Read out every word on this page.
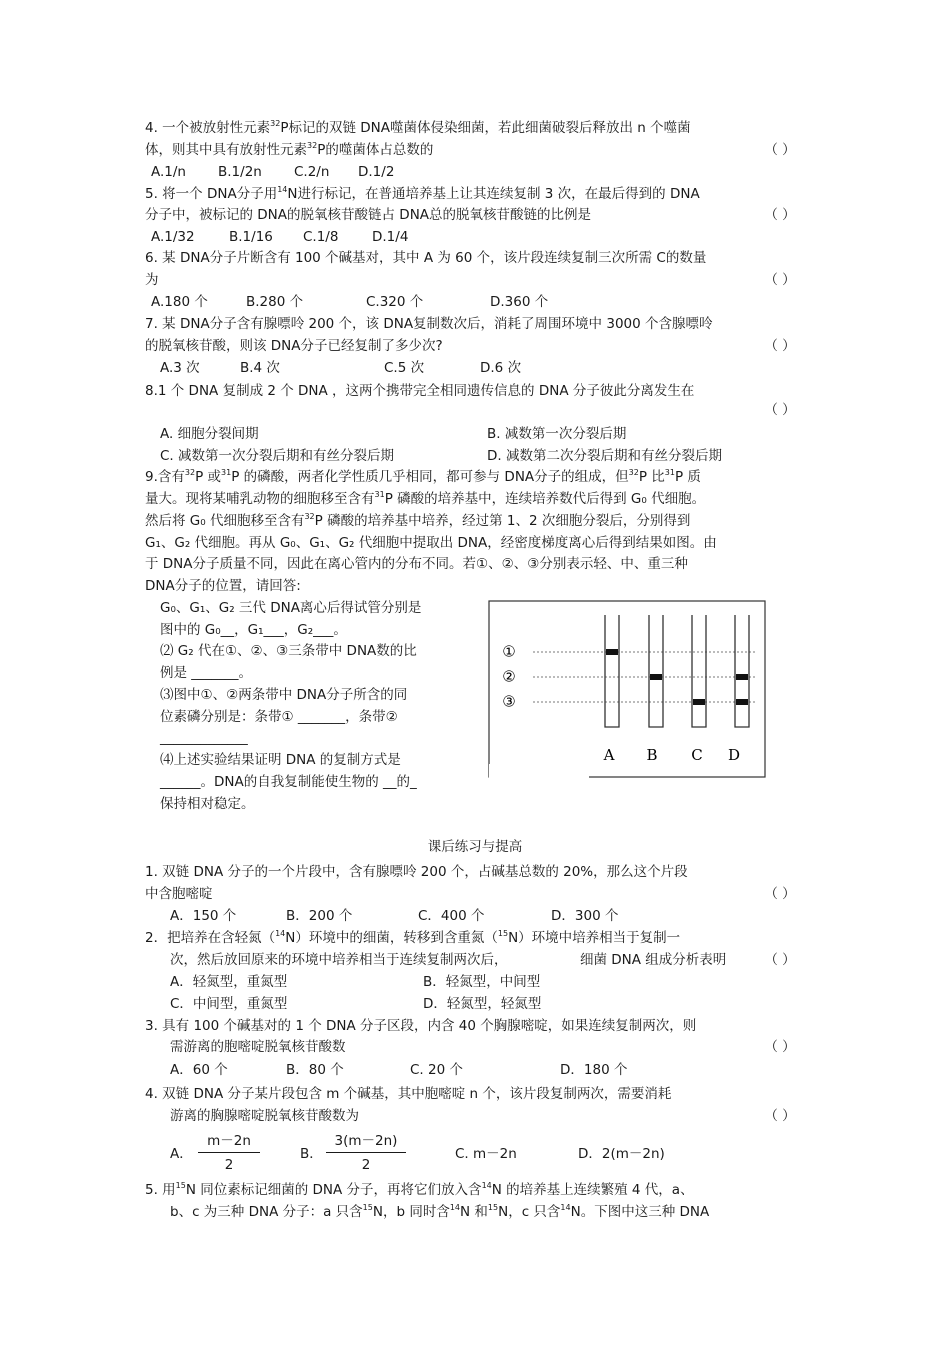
4. 一个被放射性元素$^{32}$P标记的双链 DNA噬菌体侵染细菌，若此细菌破裂后释放出 n 个噬菌
体，则其中具有放射性元素$^{32}$P的噬菌体占总数的	（ ）
A.1/n B.1/2n C.2/n D.1/2
5. 将一个 DNA分子用$^{14}$N进行标记，在普通培养基上让其连续复制 3 次，在最后得到的 DNA
分子中，被标记的 DNA的脱氧核苷酸链占 DNA总的脱氧核苷酸链的比例是	（ ）
A.1/32	B.1/16 C.1/8 D.1/4
6. 某 DNA分子片断含有 100 个碱基对，其中 A 为 60 个，该片段连续复制三次所需 C的数量
为	（ ）
A.180 个	B.280 个	C.320 个	D.360 个
7. 某 DNA分子含有腺嘌呤 200 个，该 DNA复制数次后，消耗了周围环境中 3000 个含腺嘌呤
的脱氧核苷酸，则该 DNA分子已经复制了多少次?	（ ）
A.3 次	B.4 次	C.5 次	D.6 次
8.1 个 DNA 复制成 2 个 DNA ，这两个携带完全相同遗传信息的 DNA 分子彼此分离发生在
（ ）
A. 细胞分裂间期	B. 减数第一次分裂后期
C. 减数第一次分裂后期和有丝分裂后期	D. 减数第二次分裂后期和有丝分裂后期
9.含有$^{32}$P 或$^{31}$P 的磷酸，两者化学性质几乎相同，都可参与 DNA分子的组成，但$^{32}$P 比$^{31}$P 质
量大。现将某哺乳动物的细胞移至含有$^{31}$P 磷酸的培养基中，连续培养数代后得到 G₀ 代细胞。
然后将 G₀ 代细胞移至含有$^{32}$P 磷酸的培养基中培养，经过第 1、2 次细胞分裂后，分别得到
G₁、G₂ 代细胞。再从 G₀、G₁、G₂ 代细胞中提取出 DNA，经密度梯度离心后得到结果如图。由
于 DNA分子质量不同，因此在离心管内的分布不同。若①、②、③分别表示轻、中、重三种
DNA分子的位置，请回答:
G₀、G₁、G₂ 三代 DNA离心后得试管分别是
图中的 G₀__，G₁___，G₂___。
⑵ G₂ 代在①、②、③三条带中 DNA数的比
例是 _______。
⑶图中①、②两条带中 DNA分子所含的同
位素磷分别是：条带① _______，条带②
_____________
⑷上述实验结果证明 DNA 的复制方式是
______。DNA的自我复制能使生物的 __的_
保持相对稳定。
①
②
③
A B C D
课后练习与提高
1. 双链 DNA 分子的一个片段中，含有腺嘌呤 200 个，占碱基总数的 20%，那么这个片段
中含胞嘧啶	（ ）
A．150 个	B．200 个	C．400 个	D．300 个
2．把培养在含轻氮（$^{14}$N）环境中的细菌，转移到含重氮（$^{15}$N）环境中培养相当于复制一
次，然后放回原来的环境中培养相当于连续复制两次后，	细菌 DNA 组成分析表明	（ ）
A．轻氮型，重氮型	B．轻氮型，中间型
C．中间型，重氮型	D．轻氮型，轻氮型
3. 具有 100 个碱基对的 1 个 DNA 分子区段，内含 40 个胸腺嘧啶，如果连续复制两次，则
需游离的胞嘧啶脱氧核苷酸数	（ ）
A．60 个	B．80 个	C. 20 个	D．180 个
4. 双链 DNA 分子某片段包含 m 个碱基，其中胞嘧啶 n 个，该片段复制两次，需要消耗
游离的胸腺嘧啶脱氧核苷酸数为	（ ）
A． $\frac{m-2n}{2}$	B． $\frac{3(m-2n)}{2}$	C. m－2n	D．2(m－2n)
5. 用$^{15}$N 同位素标记细菌的 DNA 分子，再将它们放入含$^{14}$N 的培养基上连续繁殖 4 代，a、
b、c 为三种 DNA 分子：a 只含$^{15}$N，b 同时含$^{14}$N 和$^{15}$N，c 只含$^{14}$N。下图中这三种 DNA
